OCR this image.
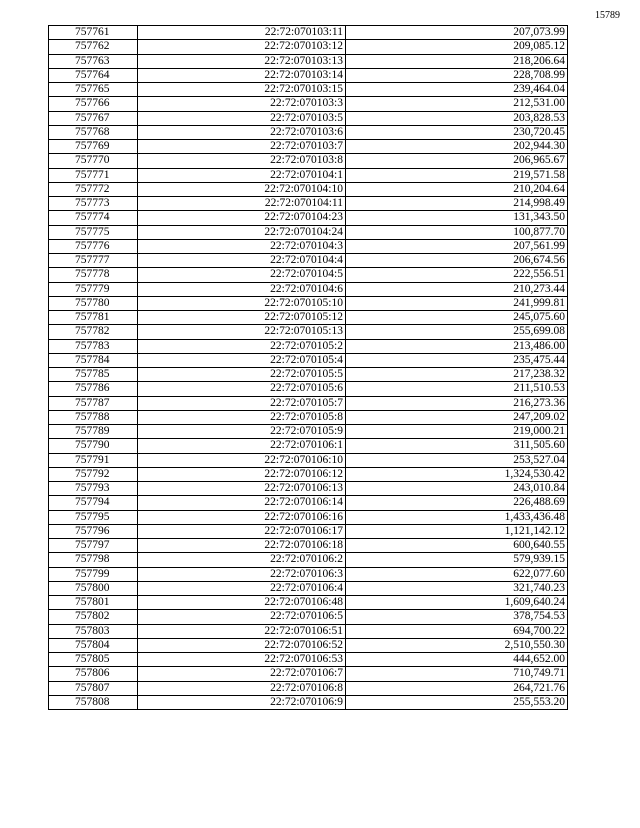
15789
757761	22:72:070103:11	207,073.99
757762	22:72:070103:12	209,085.12
757763	22:72:070103:13	218,206.64
757764	22:72:070103:14	228,708.99
757765	22:72:070103:15	239,464.04
757766	22:72:070103:3	212,531.00
757767	22:72:070103:5	203,828.53
757768	22:72:070103:6	230,720.45
757769	22:72:070103:7	202,944.30
757770	22:72:070103:8	206,965.67
757771	22:72:070104:1	219,571.58
757772	22:72:070104:10	210,204.64
757773	22:72:070104:11	214,998.49
757774	22:72:070104:23	131,343.50
757775	22:72:070104:24	100,877.70
757776	22:72:070104:3	207,561.99
757777	22:72:070104:4	206,674.56
757778	22:72:070104:5	222,556.51
757779	22:72:070104:6	210,273.44
757780	22:72:070105:10	241,999.81
757781	22:72:070105:12	245,075.60
757782	22:72:070105:13	255,699.08
757783	22:72:070105:2	213,486.00
757784	22:72:070105:4	235,475.44
757785	22:72:070105:5	217,238.32
757786	22:72:070105:6	211,510.53
757787	22:72:070105:7	216,273.36
757788	22:72:070105:8	247,209.02
757789	22:72:070105:9	219,000.21
757790	22:72:070106:1	311,505.60
757791	22:72:070106:10	253,527.04
757792	22:72:070106:12	1,324,530.42
757793	22:72:070106:13	243,010.84
757794	22:72:070106:14	226,488.69
757795	22:72:070106:16	1,433,436.48
757796	22:72:070106:17	1,121,142.12
757797	22:72:070106:18	600,640.55
757798	22:72:070106:2	579,939.15
757799	22:72:070106:3	622,077.60
757800	22:72:070106:4	321,740.23
757801	22:72:070106:48	1,609,640.24
757802	22:72:070106:5	378,754.53
757803	22:72:070106:51	694,700.22
757804	22:72:070106:52	2,510,550.30
757805	22:72:070106:53	444,652.00
757806	22:72:070106:7	710,749.71
757807	22:72:070106:8	264,721.76
757808	22:72:070106:9	255,553.20
